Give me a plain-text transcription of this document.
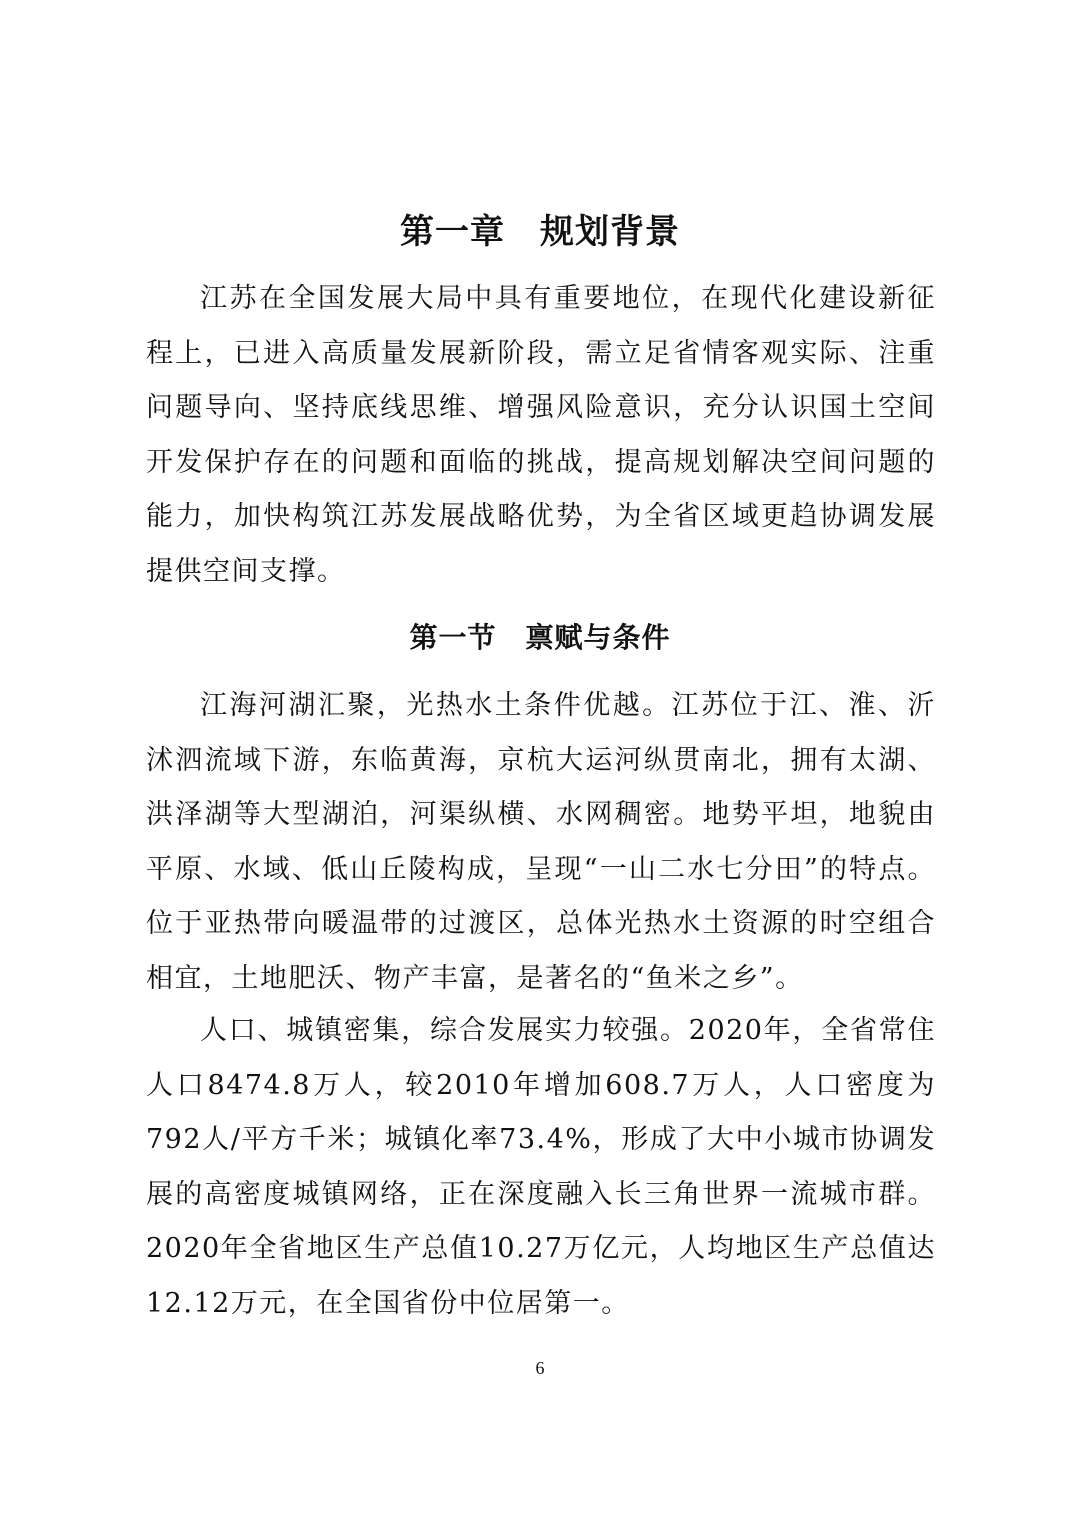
第一章　规划背景

江苏在全国发展大局中具有重要地位，在现代化建设新征程上，已进入高质量发展新阶段，需立足省情客观实际、注重问题导向、坚持底线思维、增强风险意识，充分认识国土空间开发保护存在的问题和面临的挑战，提高规划解决空间问题的能力，加快构筑江苏发展战略优势，为全省区域更趋协调发展提供空间支撑。

第一节　禀赋与条件

江海河湖汇聚，光热水土条件优越。江苏位于江、淮、沂沭泗流域下游，东临黄海，京杭大运河纵贯南北，拥有太湖、洪泽湖等大型湖泊，河渠纵横、水网稠密。地势平坦，地貌由平原、水域、低山丘陵构成，呈现“一山二水七分田”的特点。位于亚热带向暖温带的过渡区，总体光热水土资源的时空组合相宜，土地肥沃、物产丰富，是著名的“鱼米之乡”。

人口、城镇密集，综合发展实力较强。2020年，全省常住人口8474.8万人，较2010年增加608.7万人，人口密度为792人/平方千米；城镇化率73.4%，形成了大中小城市协调发展的高密度城镇网络，正在深度融入长三角世界一流城市群。2020年全省地区生产总值10.27万亿元，人均地区生产总值达12.12万元，在全国省份中位居第一。

6
